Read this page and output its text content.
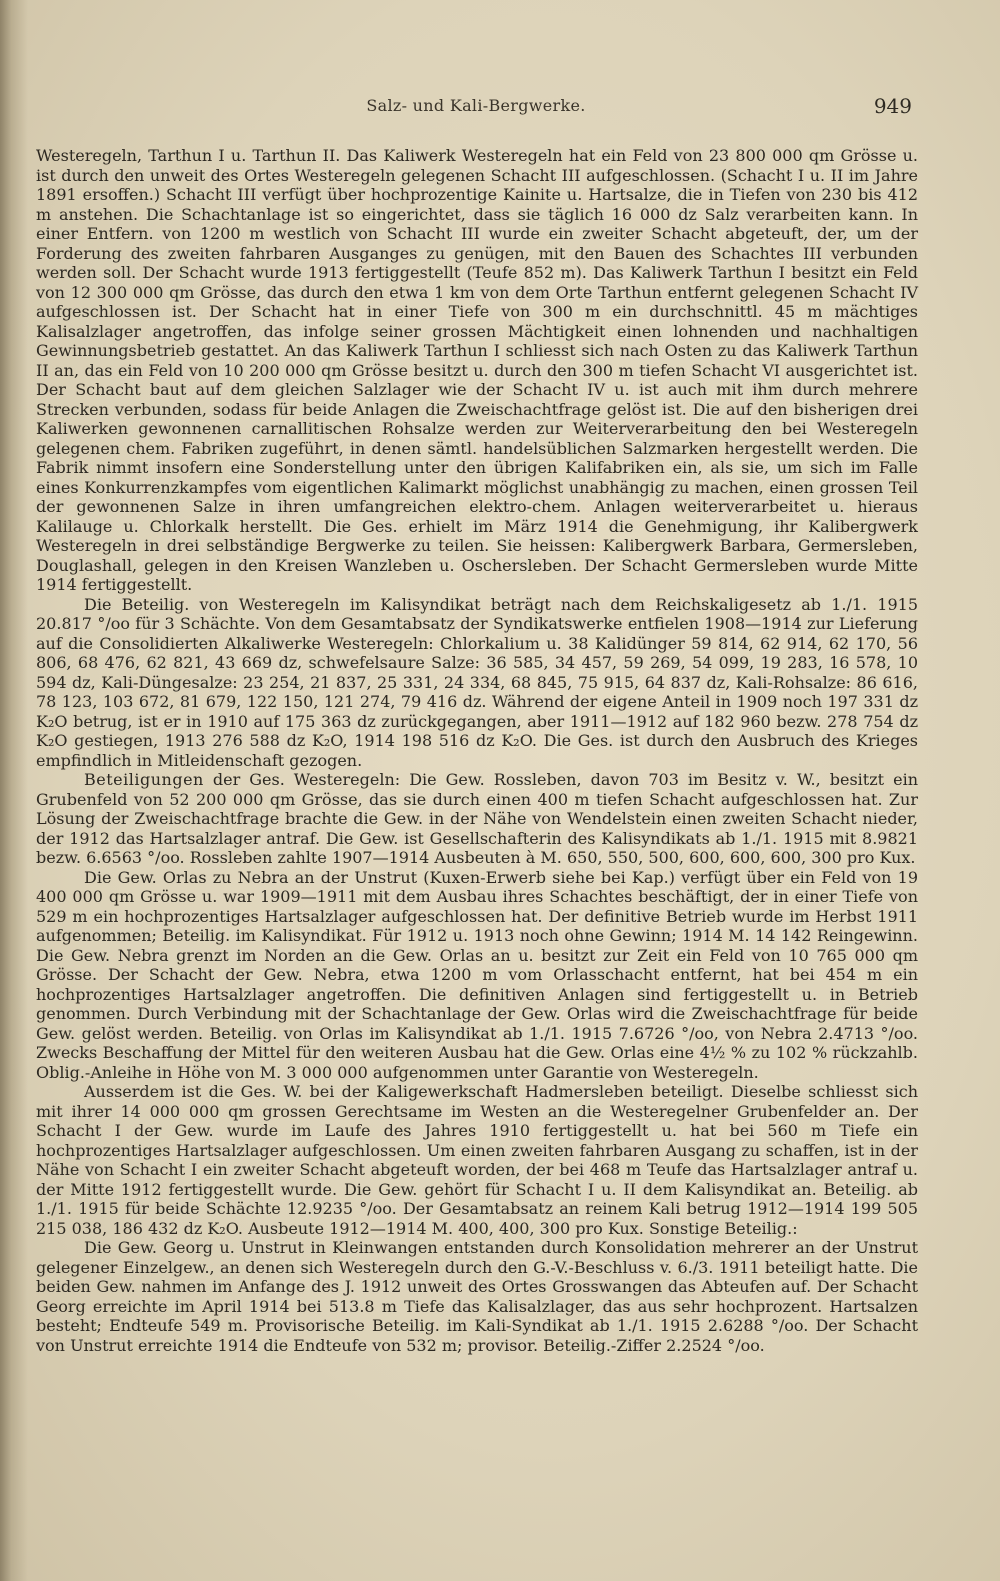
Salz- und Kali-Bergwerke.	949

Westeregeln, Tarthun I u. Tarthun II. Das Kaliwerk Westeregeln hat ein Feld von 23 800 000 qm Grösse u. ist durch den unweit des Ortes Westeregeln gelegenen Schacht III aufgeschlossen. (Schacht I u. II im Jahre 1891 ersoffen.) Schacht III verfügt über hochprozentige Kainite u. Hartsalze, die in Tiefen von 230 bis 412 m anstehen. Die Schachtanlage ist so eingerichtet, dass sie täglich 16 000 dz Salz verarbeiten kann. In einer Entfern. von 1200 m westlich von Schacht III wurde ein zweiter Schacht abgeteuft, der, um der Forderung des zweiten fahrbaren Ausganges zu genügen, mit den Bauen des Schachtes III verbunden werden soll. Der Schacht wurde 1913 fertiggestellt (Teufe 852 m). Das Kaliwerk Tarthun I besitzt ein Feld von 12 300 000 qm Grösse, das durch den etwa 1 km von dem Orte Tarthun entfernt gelegenen Schacht IV aufgeschlossen ist. Der Schacht hat in einer Tiefe von 300 m ein durchschnittl. 45 m mächtiges Kalisalzlager angetroffen, das infolge seiner grossen Mächtigkeit einen lohnenden und nachhaltigen Gewinnungsbetrieb gestattet. An das Kaliwerk Tarthun I schliesst sich nach Osten zu das Kaliwerk Tarthun II an, das ein Feld von 10 200 000 qm Grösse besitzt u. durch den 300 m tiefen Schacht VI ausgerichtet ist. Der Schacht baut auf dem gleichen Salzlager wie der Schacht IV u. ist auch mit ihm durch mehrere Strecken verbunden, sodass für beide Anlagen die Zweischachtfrage gelöst ist. Die auf den bisherigen drei Kaliwerken gewonnenen carnallitischen Rohsalze werden zur Weiterverarbeitung den bei Westeregeln gelegenen chem. Fabriken zugeführt, in denen sämtl. handelsüblichen Salzmarken hergestellt werden. Die Fabrik nimmt insofern eine Sonderstellung unter den übrigen Kalifabriken ein, als sie, um sich im Falle eines Konkurrenzkampfes vom eigentlichen Kalimarkt möglichst unabhängig zu machen, einen grossen Teil der gewonnenen Salze in ihren umfangreichen elektro-chem. Anlagen weiterverarbeitet u. hieraus Kalilauge u. Chlorkalk herstellt. Die Ges. erhielt im März 1914 die Genehmigung, ihr Kalibergwerk Westeregeln in drei selbständige Bergwerke zu teilen. Sie heissen: Kalibergwerk Barbara, Germersleben, Douglashall, gelegen in den Kreisen Wanzleben u. Oschersleben. Der Schacht Germersleben wurde Mitte 1914 fertiggestellt.

Die Beteilig. von Westeregeln im Kalisyndikat beträgt nach dem Reichskaligesetz ab 1./1. 1915 20.817 °/oo für 3 Schächte. Von dem Gesamtabsatz der Syndikatswerke entfielen 1908—1914 zur Lieferung auf die Consolidierten Alkaliwerke Westeregeln: Chlorkalium u. 38 Kalidünger 59 814, 62 914, 62 170, 56 806, 68 476, 62 821, 43 669 dz, schwefelsaure Salze: 36 585, 34 457, 59 269, 54 099, 19 283, 16 578, 10 594 dz, Kali-Düngesalze: 23 254, 21 837, 25 331, 24 334, 68 845, 75 915, 64 837 dz, Kali-Rohsalze: 86 616, 78 123, 103 672, 81 679, 122 150, 121 274, 79 416 dz. Während der eigene Anteil in 1909 noch 197 331 dz K₂O betrug, ist er in 1910 auf 175 363 dz zurückgegangen, aber 1911—1912 auf 182 960 bezw. 278 754 dz K₂O gestiegen, 1913 276 588 dz K₂O, 1914 198 516 dz K₂O. Die Ges. ist durch den Ausbruch des Krieges empfindlich in Mitleidenschaft gezogen.

Beteiligungen der Ges. Westeregeln: Die Gew. Rossleben, davon 703 im Besitz v. W., besitzt ein Grubenfeld von 52 200 000 qm Grösse, das sie durch einen 400 m tiefen Schacht aufgeschlossen hat. Zur Lösung der Zweischachtfrage brachte die Gew. in der Nähe von Wendelstein einen zweiten Schacht nieder, der 1912 das Hartsalzlager antraf. Die Gew. ist Gesellschafterin des Kalisyndikats ab 1./1. 1915 mit 8.9821 bezw. 6.6563 °/oo. Rossleben zahlte 1907—1914 Ausbeuten à M. 650, 550, 500, 600, 600, 600, 300 pro Kux.

Die Gew. Orlas zu Nebra an der Unstrut (Kuxen-Erwerb siehe bei Kap.) verfügt über ein Feld von 19 400 000 qm Grösse u. war 1909—1911 mit dem Ausbau ihres Schachtes beschäftigt, der in einer Tiefe von 529 m ein hochprozentiges Hartsalzlager aufgeschlossen hat. Der definitive Betrieb wurde im Herbst 1911 aufgenommen; Beteilig. im Kalisyndikat. Für 1912 u. 1913 noch ohne Gewinn; 1914 M. 14 142 Reingewinn. Die Gew. Nebra grenzt im Norden an die Gew. Orlas an u. besitzt zur Zeit ein Feld von 10 765 000 qm Grösse. Der Schacht der Gew. Nebra, etwa 1200 m vom Orlasschacht entfernt, hat bei 454 m ein hochprozentiges Hartsalzlager angetroffen. Die definitiven Anlagen sind fertiggestellt u. in Betrieb genommen. Durch Verbindung mit der Schachtanlage der Gew. Orlas wird die Zweischachtfrage für beide Gew. gelöst werden. Beteilig. von Orlas im Kalisyndikat ab 1./1. 1915 7.6726 °/oo, von Nebra 2.4713 °/oo. Zwecks Beschaffung der Mittel für den weiteren Ausbau hat die Gew. Orlas eine 4½ % zu 102 % rückzahlb. Oblig.-Anleihe in Höhe von M. 3 000 000 aufgenommen unter Garantie von Westeregeln.

Ausserdem ist die Ges. W. bei der Kaligewerkschaft Hadmersleben beteiligt. Dieselbe schliesst sich mit ihrer 14 000 000 qm grossen Gerechtsame im Westen an die Westeregelner Grubenfelder an. Der Schacht I der Gew. wurde im Laufe des Jahres 1910 fertiggestellt u. hat bei 560 m Tiefe ein hochprozentiges Hartsalzlager aufgeschlossen. Um einen zweiten fahrbaren Ausgang zu schaffen, ist in der Nähe von Schacht I ein zweiter Schacht abgeteuft worden, der bei 468 m Teufe das Hartsalzlager antraf u. der Mitte 1912 fertiggestellt wurde. Die Gew. gehört für Schacht I u. II dem Kalisyndikat an. Beteilig. ab 1./1. 1915 für beide Schächte 12.9235 °/oo. Der Gesamtabsatz an reinem Kali betrug 1912—1914 199 505 215 038, 186 432 dz K₂O. Ausbeute 1912—1914 M. 400, 400, 300 pro Kux. Sonstige Beteilig.:

Die Gew. Georg u. Unstrut in Kleinwangen entstanden durch Konsolidation mehrerer an der Unstrut gelegener Einzelgew., an denen sich Westeregeln durch den G.-V.-Beschluss v. 6./3. 1911 beteiligt hatte. Die beiden Gew. nahmen im Anfange des J. 1912 unweit des Ortes Grosswangen das Abteufen auf. Der Schacht Georg erreichte im April 1914 bei 513.8 m Tiefe das Kalisalzlager, das aus sehr hochprozent. Hartsalzen besteht; Endteufe 549 m. Provisorische Beteilig. im Kali-Syndikat ab 1./1. 1915 2.6288 °/oo. Der Schacht von Unstrut erreichte 1914 die Endteufe von 532 m; provisor. Beteilig.-Ziffer 2.2524 °/oo.
